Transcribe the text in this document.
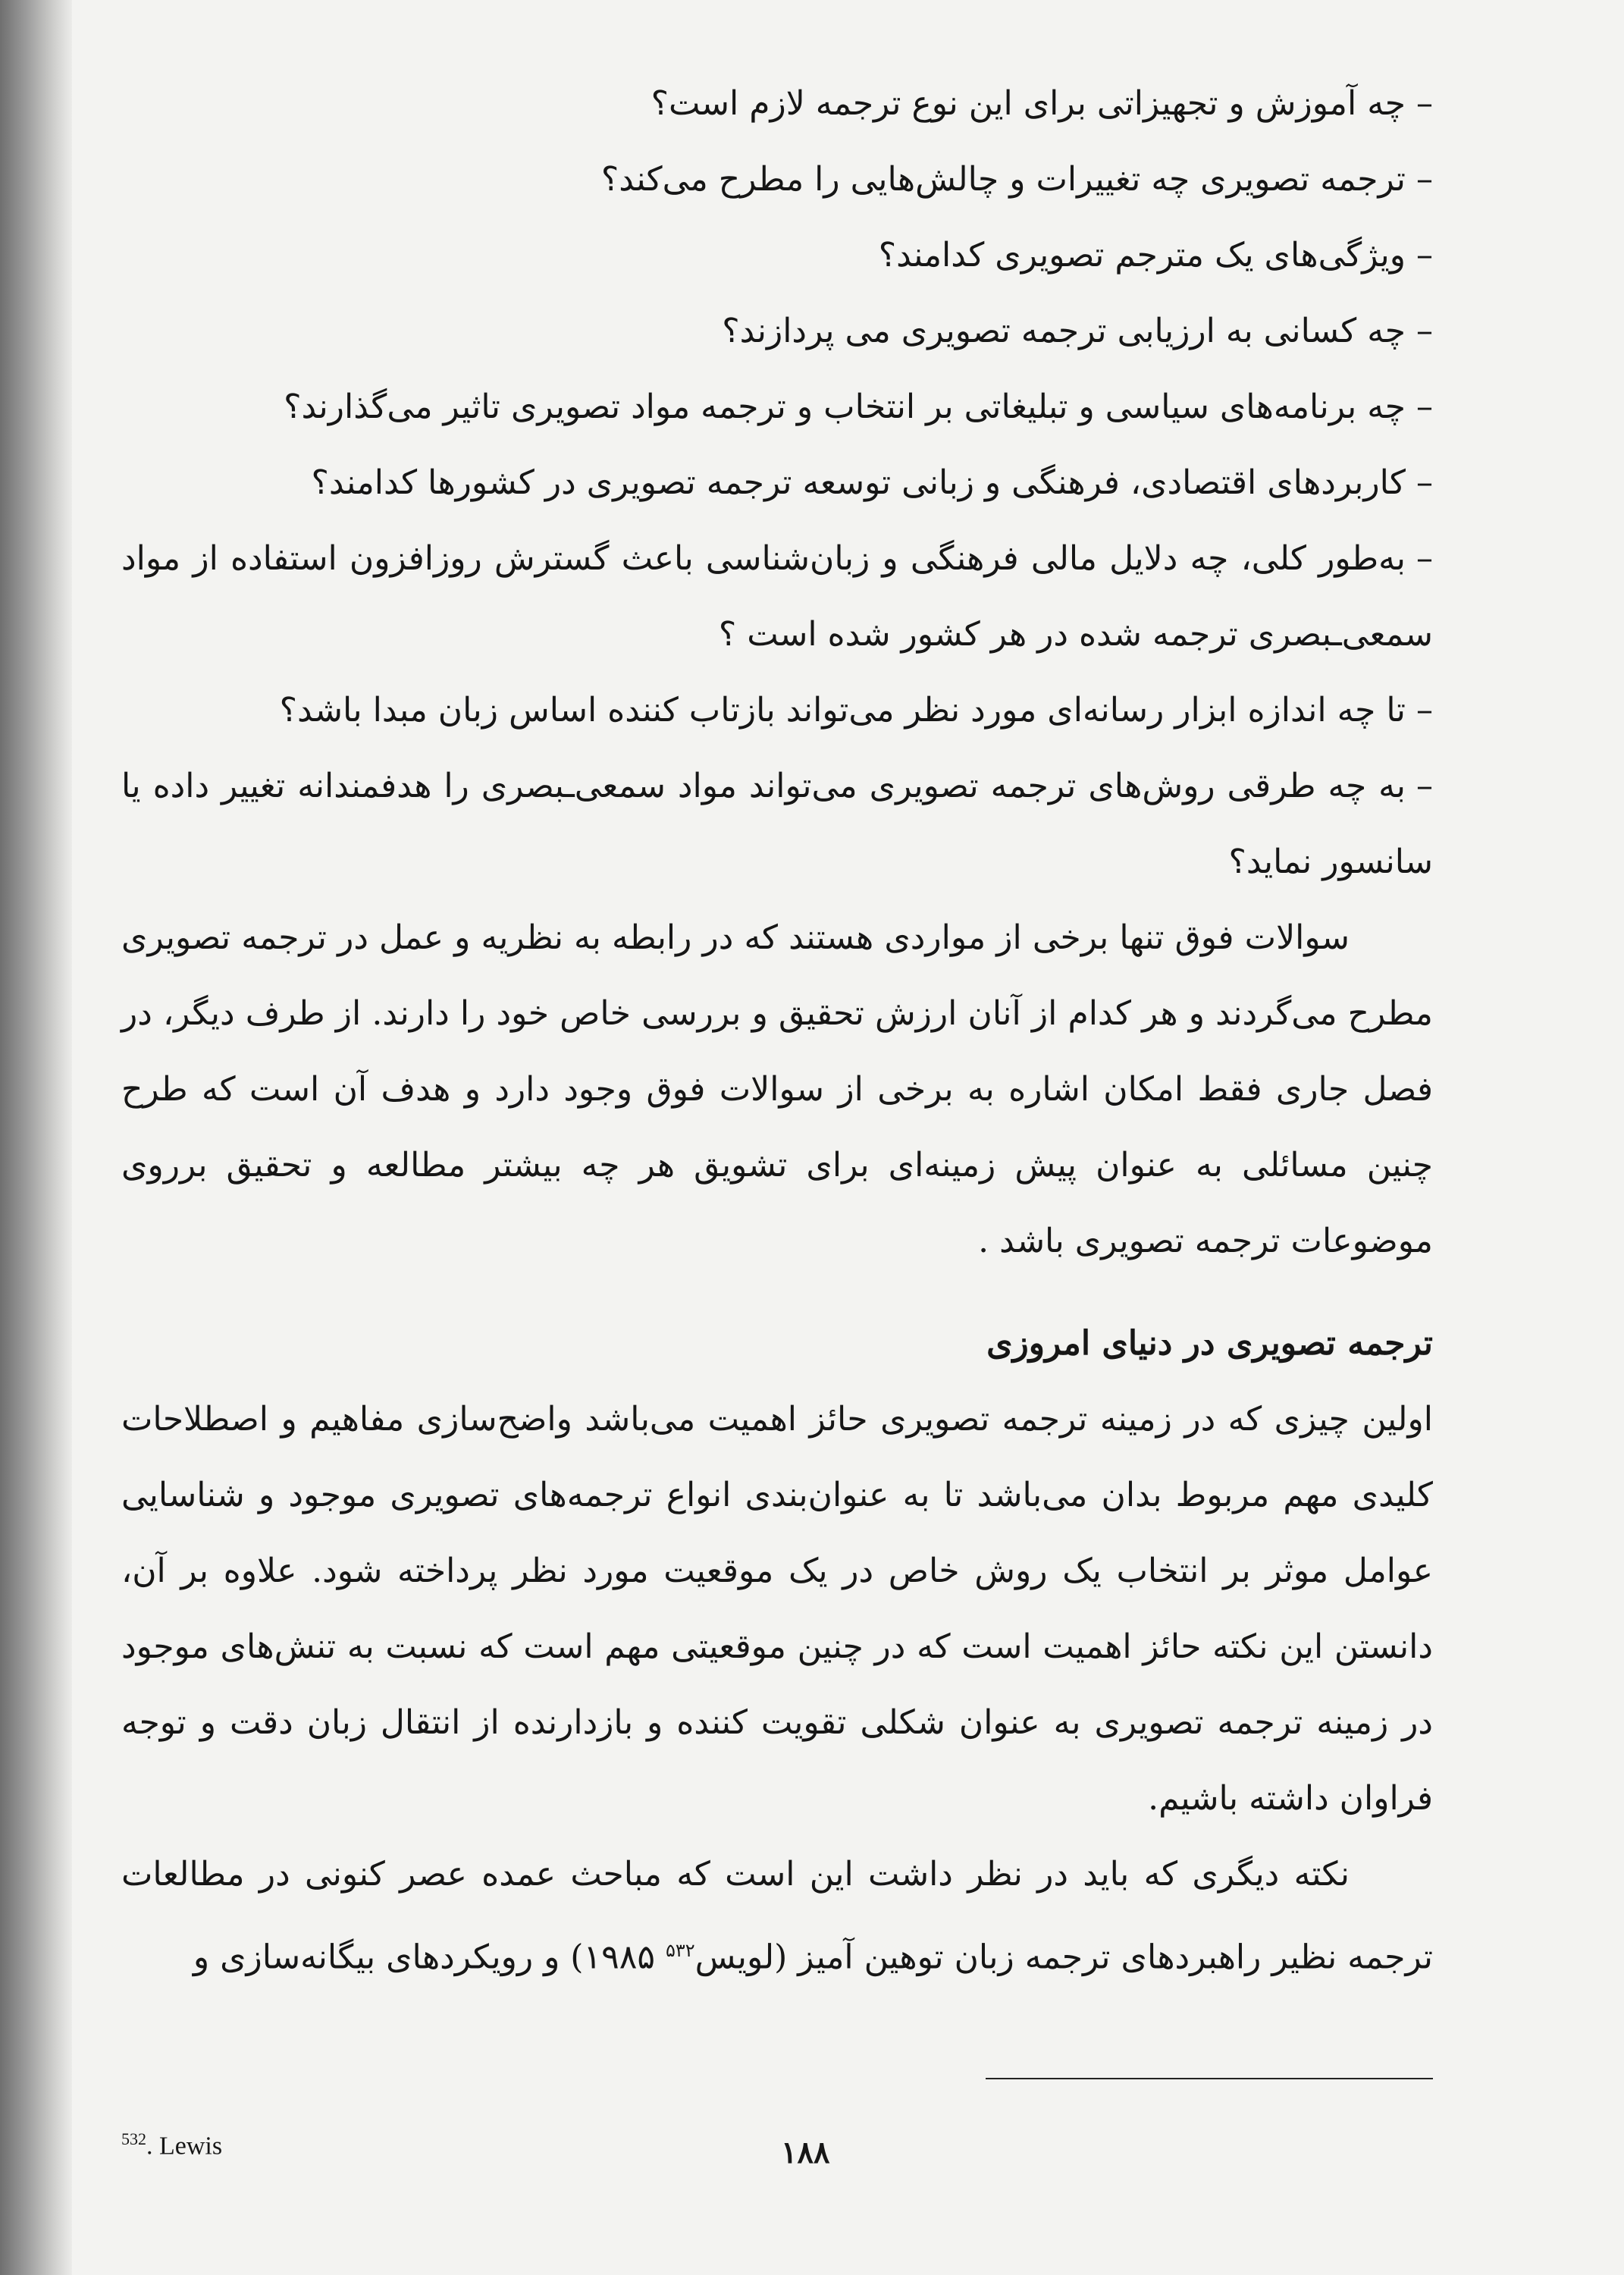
–چه آموزش و تجهیزاتی برای این نوع ترجمه لازم است؟

–ترجمه تصویری چه تغییرات و چالش‌هایی را مطرح می‌کند؟

–ویژگی‌های یک مترجم تصویری کدامند؟

–چه کسانی به ارزیابی ترجمه تصویری می پردازند؟

–چه برنامه‌های سیاسی و تبلیغاتی بر انتخاب و ترجمه مواد تصویری تاثیر می‌گذارند؟

–کاربردهای اقتصادی، فرهنگی و زبانی توسعه ترجمه تصویری در کشورها کدامند؟

–به‌طور کلی، چه دلایل مالی فرهنگی و زبان‌شناسی باعث گسترش روزافزون استفاده از مواد سمعی‌ـبصری ترجمه شده در هر کشور شده است ؟

–تا چه اندازه ابزار رسانه‌ای مورد نظر می‌تواند بازتاب کننده اساس زبان مبدا باشد؟

–به چه طرقی روش‌های ترجمه تصویری می‌تواند مواد سمعی‌ـبصری را هدفمندانه تغییر داده یا سانسور نماید؟

سوالات فوق تنها برخی از مواردی هستند که در رابطه به نظریه و عمل در ترجمه تصویری مطرح می‌گردند و هر کدام از آنان ارزش تحقیق و بررسی خاص خود را دارند. از طرف دیگر، در فصل جاری فقط امکان اشاره به برخی از سوالات فوق وجود دارد و هدف آن است که طرح چنین مسائلی به عنوان پیش زمینه‌ای برای تشویق هر چه بیشتر مطالعه و تحقیق برروی موضوعات ترجمه تصویری باشد .

ترجمه تصویری در دنیای امروزی

اولین چیزی که در زمینه ترجمه تصویری حائز اهمیت می‌باشد واضح‌سازی مفاهیم و اصطلاحات کلیدی مهم مربوط بدان می‌باشد تا به عنوان‌بندی انواع ترجمه‌های تصویری موجود و شناسایی عوامل موثر بر انتخاب یک روش خاص در یک موقعیت مورد نظر پرداخته شود. علاوه بر آن، دانستن این نکته حائز اهمیت است که در چنین موقعیتی مهم است که نسبت به تنش‌های موجود در زمینه ترجمه تصویری به عنوان شکلی تقویت کننده و بازدارنده از انتقال زبان دقت و توجه فراوان داشته باشیم.

نکته دیگری که باید در نظر داشت این است که مباحث عمده عصر کنونی در مطالعات ترجمه نظیر راهبردهای ترجمه زبان توهین آمیز (لویس$^{۵۳۲}$ ۱۹۸۵) و رویکردهای بیگانه‌سازی و

$^{532}$. Lewis	۱۸۸
